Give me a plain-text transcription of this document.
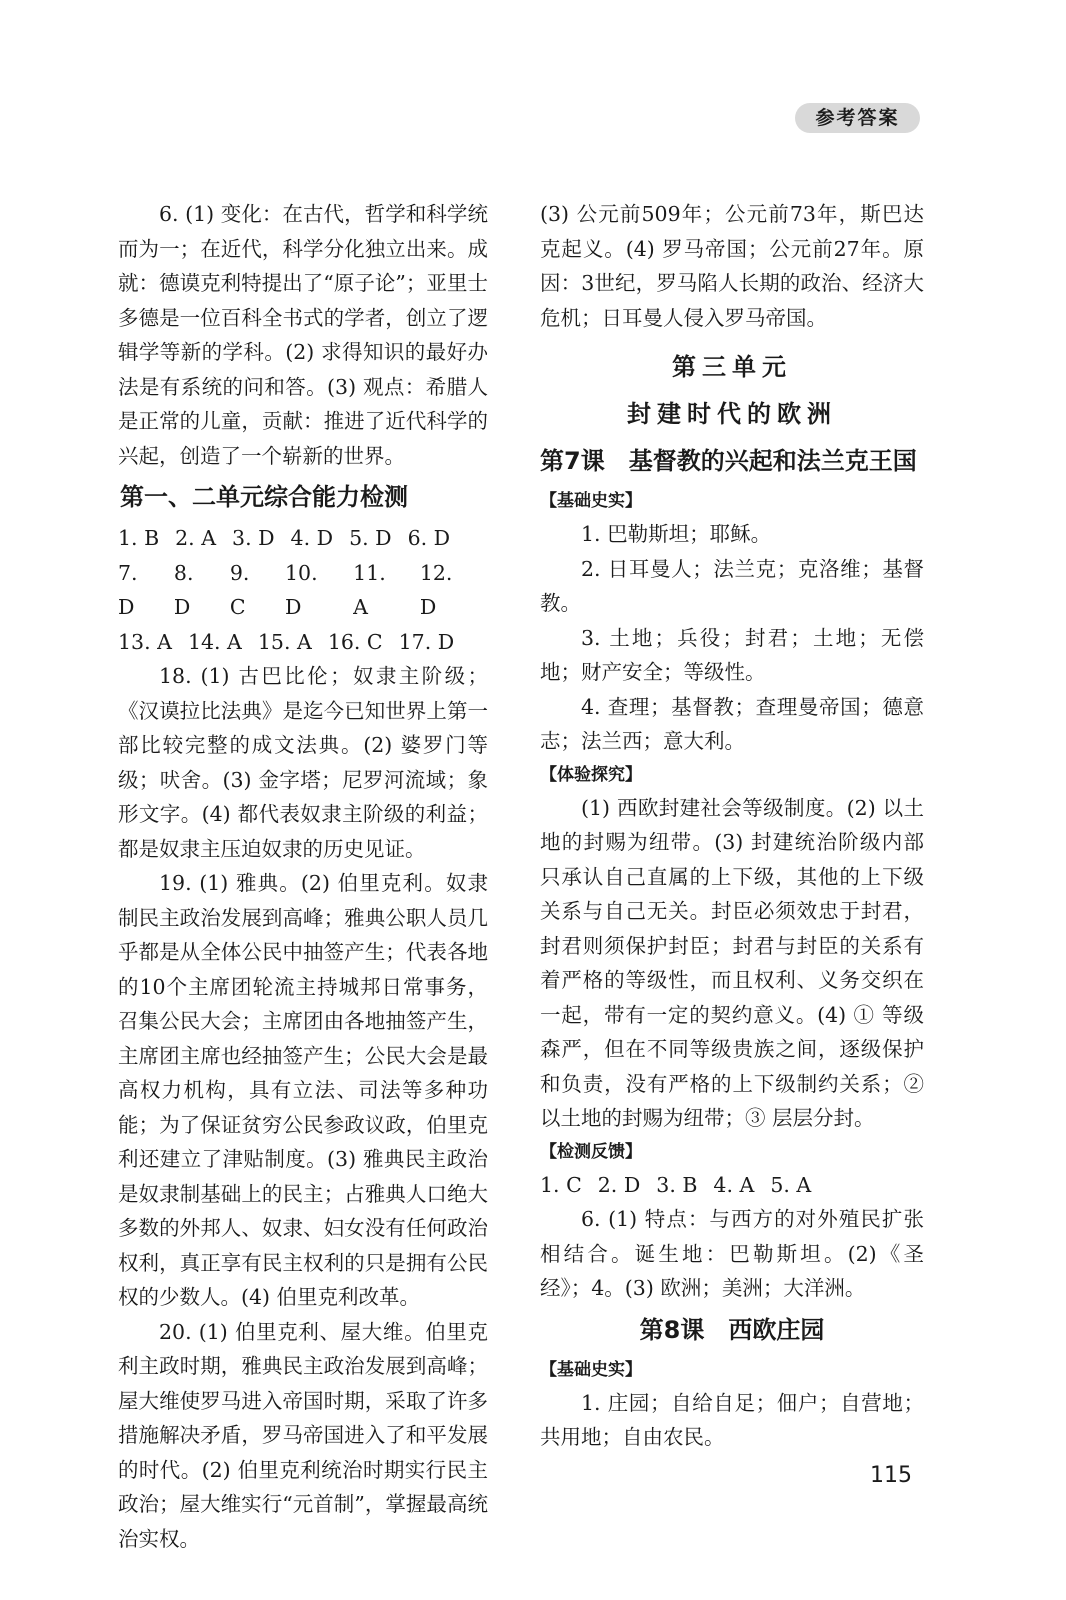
参考答案

6. (1) 变化：在古代，哲学和科学统而为一；在近代，科学分化独立出来。成就：德谟克利特提出了“原子论”；亚里士多德是一位百科全书式的学者，创立了逻辑学等新的学科。(2) 求得知识的最好办法是有系统的问和答。(3) 观点：希腊人是正常的儿童，贡献：推进了近代科学的兴起，创造了一个崭新的世界。

第一、二单元综合能力检测

1. B 2. A 3. D 4. D 5. D 6. D

7. D
8. D
9. C
10. D
11. A
12. D

13. A 14. A 15. A 16. C 17. D

18. (1) 古巴比伦；奴隶主阶级；《汉谟拉比法典》是迄今已知世界上第一部比较完整的成文法典。(2) 婆罗门等级；吠舍。(3) 金字塔；尼罗河流域；象形文字。(4) 都代表奴隶主阶级的利益；都是奴隶主压迫奴隶的历史见证。

19. (1) 雅典。(2) 伯里克利。奴隶制民主政治发展到高峰；雅典公职人员几乎都是从全体公民中抽签产生；代表各地的10个主席团轮流主持城邦日常事务，召集公民大会；主席团由各地抽签产生，主席团主席也经抽签产生；公民大会是最高权力机构，具有立法、司法等多种功能；为了保证贫穷公民参政议政，伯里克利还建立了津贴制度。(3) 雅典民主政治是奴隶制基础上的民主；占雅典人口绝大多数的外邦人、奴隶、妇女没有任何政治权利，真正享有民主权利的只是拥有公民权的少数人。(4) 伯里克利改革。

20. (1) 伯里克利、屋大维。伯里克利主政时期，雅典民主政治发展到高峰；屋大维使罗马进入帝国时期，采取了许多措施解决矛盾，罗马帝国进入了和平发展的时代。(2) 伯里克利统治时期实行民主政治；屋大维实行“元首制”，掌握最高统治实权。

(3) 公元前509年；公元前73年，斯巴达克起义。(4) 罗马帝国；公元前27年。原因：3世纪，罗马陷人长期的政治、经济大危机；日耳曼人侵入罗马帝国。

第三单元
封建时代的欧洲
第7课　基督教的兴起和法兰克王国
【基础史实】

1. 巴勒斯坦；耶稣。

2. 日耳曼人；法兰克；克洛维；基督教。

3. 土地；兵役；封君；土地；无偿地；财产安全；等级性。

4. 查理；基督教；查理曼帝国；德意志；法兰西；意大利。

【体验探究】

(1) 西欧封建社会等级制度。(2) 以土地的封赐为纽带。(3) 封建统治阶级内部只承认自己直属的上下级，其他的上下级关系与自己无关。封臣必须效忠于封君，封君则须保护封臣；封君与封臣的关系有着严格的等级性，而且权利、义务交织在一起，带有一定的契约意义。(4) ① 等级森严，但在不同等级贵族之间，逐级保护和负责，没有严格的上下级制约关系；② 以土地的封赐为纽带；③ 层层分封。

【检测反馈】

1. C 2. D 3. B 4. A 5. A

6. (1) 特点：与西方的对外殖民扩张相结合。诞生地：巴勒斯坦。(2)《圣经》；4。(3) 欧洲；美洲；大洋洲。

第8课　西欧庄园
【基础史实】

1. 庄园；自给自足；佃户；自营地；共用地；自由农民。

115
